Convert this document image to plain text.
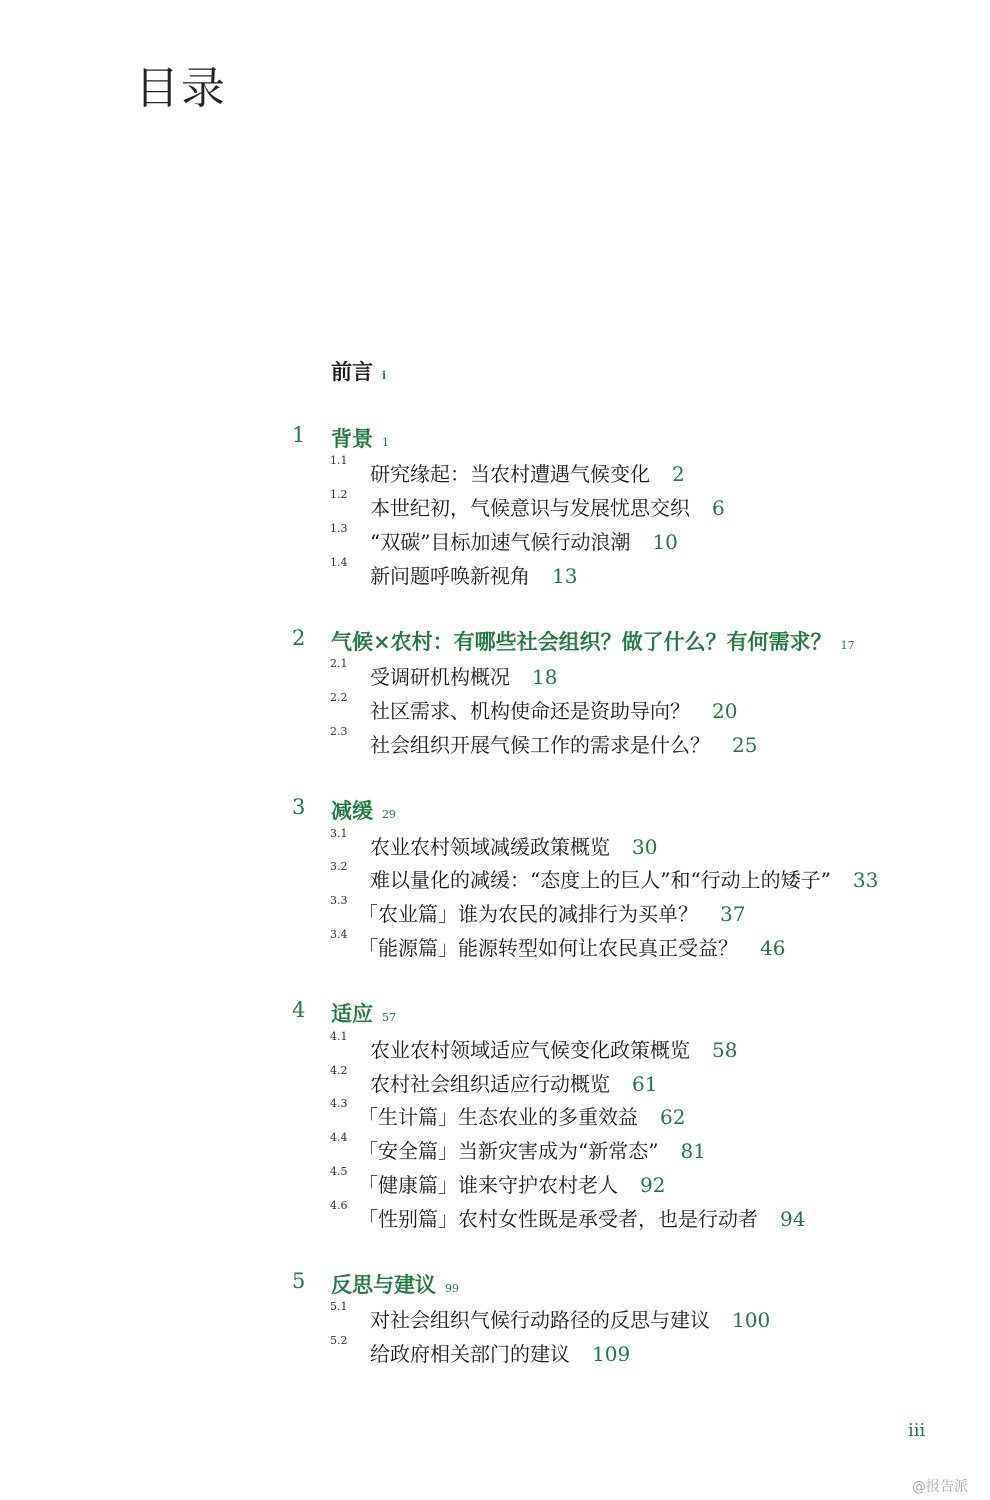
目录
前言 i
1 背景 1
1.1
研究缘起：当农村遭遇气候变化 2
1.2
本世纪初，气候意识与发展忧思交织 6
1.3
“双碳”目标加速气候行动浪潮 10
1.4
新问题呼唤新视角 13
2 气候×农村：有哪些社会组织？做了什么？有何需求？ 17
2.1
受调研机构概况 18
2.2
社区需求、机构使命还是资助导向？ 20
2.3
社会组织开展气候工作的需求是什么？ 25
3 减缓 29
3.1
农业农村领域减缓政策概览 30
3.2
难以量化的减缓：“态度上的巨人”和“行动上的矮子” 33
3.3
「农业篇」谁为农民的减排行为买单？ 37
3.4
「能源篇」能源转型如何让农民真正受益？ 46
4 适应 57
4.1
农业农村领域适应气候变化政策概览 58
4.2
农村社会组织适应行动概览 61
4.3
「生计篇」生态农业的多重效益 62
4.4
「安全篇」当新灾害成为“新常态” 81
4.5
「健康篇」谁来守护农村老人 92
4.6
「性别篇」农村女性既是承受者，也是行动者 94
5 反思与建议 99
5.1
对社会组织气候行动路径的反思与建议 100
5.2
给政府相关部门的建议 109
iii
@报告派
